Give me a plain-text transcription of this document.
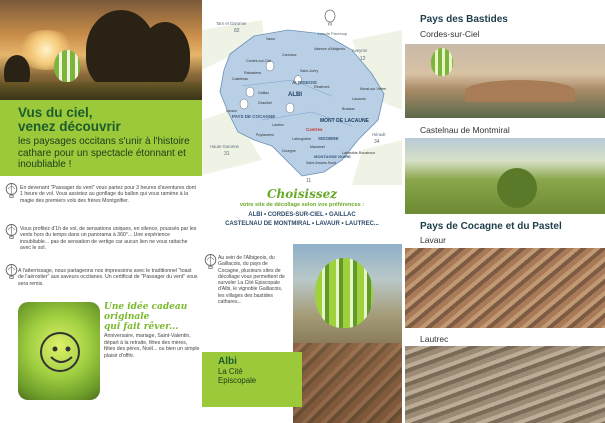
Vus du ciel,
venez découvrir
les paysages occitans s'unir à l'histoire cathare pour un spectacle étonnant et inoubliable !
En devenant "Passager du vent" vous partez pour 3 heures d'aventures dont 1 heure de vol. Vous assistez au gonflage du ballon qui vous ramène à la magie des premiers vols des frères Montgolfier.
Vous profitez d'1h de vol, de sensations uniques, en silence, poussés par les vents hors du temps dans un panorama à 360°... Une expérience inoubliable... pas de sensation de vertige car aucun lien ne vous rattache avec le sol.
A l'atterrissage, nous partageons nos impressions avec le traditionnel "toast de l'aérostier" aux saveurs occitanes. Un certificat de "Passager du vent" vous sera remis.
Une idée cadeau
originale
qui fait rêver...
Anniversaire, mariage, Saint-Valentin, départ à la retraite, fêtes des mères, fêtes des pères, Noël... ou bien un simple plaisir d'offrir.
Tarn et Garonne
82	Lac de Pareloup
Aveyron
12
Haute-Garonne
31
Hérault
34
11
ALBI
ALBIGEOIS
PAYS DE COCAGNE
MONT DE LACAUNE
SIDOBRE
MONTAGNE NOIRE
Castres
Carmaux
Cordes-sur-Ciel
Gaillac
Lavaur
Lautrec
Castelnau
Puylaurens
Mazamet
Brassac
Lacaune
Murat-sur-Vèbre
Valence d'Albigeois
Réalmont
Rabastens
Graulhet
Vaour
Saint-Juéry
Labruguière
Dourgne
Saint-Amans-Soult
Labastide-Rouairoux
Choisissez
votre site de décollage selon vos préférences :
ALBI • CORDES-SUR-CIEL • GAILLAC
CASTELNAU DE MONTMIRAL • LAVAUR • LAUTREC...
Au sein de l'Albigeois, du Gaillacois, du pays de Cocagne, plusieurs sites de décollage vous permettent de survoler La Cité Episcopale d'Albi, le vignoble Gaillacois, les villages des bastides cathares...
Albi
La Cité
Episcopale
Pays des Bastides
Cordes-sur-Ciel
Castelnau de Montmiral
Pays de Cocagne et du Pastel
Lavaur
Lautrec
